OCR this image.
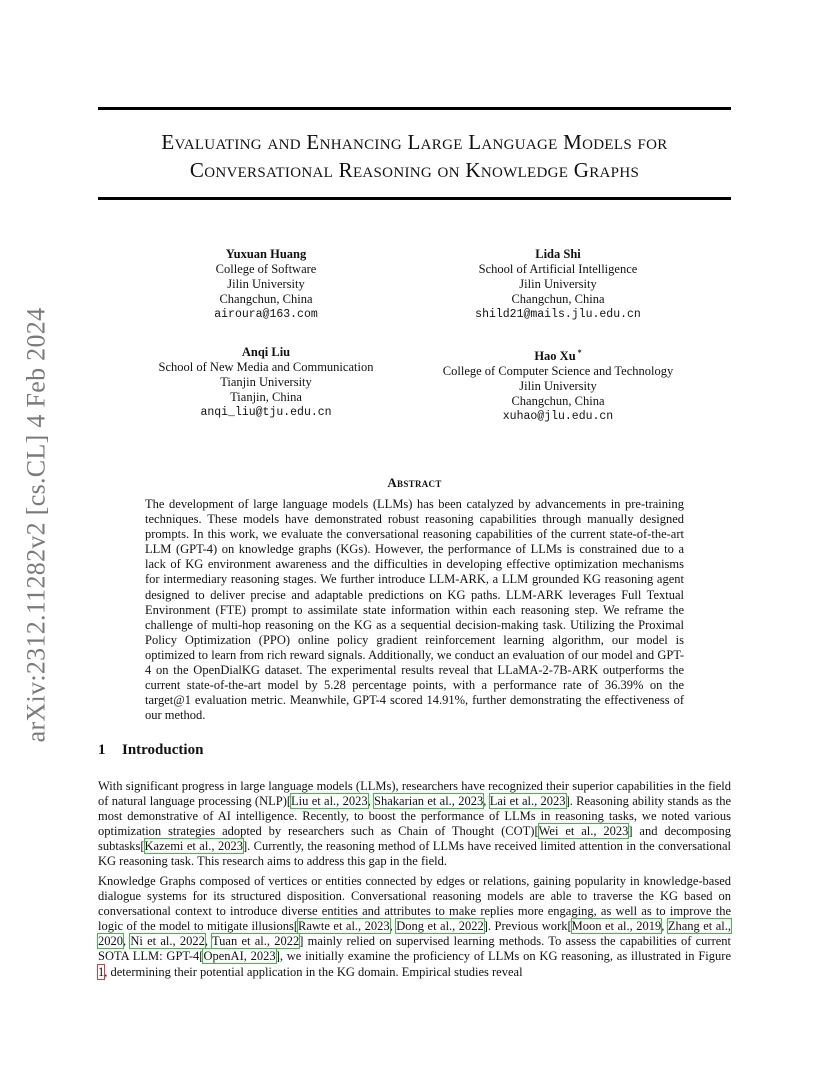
arXiv:2312.11282v2 [cs.CL] 4 Feb 2024
Evaluating and Enhancing Large Language Models for
Conversational Reasoning on Knowledge Graphs
Yuxuan Huang
College of Software
Jilin University
Changchun, China
airoura@163.com
Lida Shi
School of Artificial Intelligence
Jilin University
Changchun, China
shild21@mails.jlu.edu.cn
Anqi Liu
School of New Media and Communication
Tianjin University
Tianjin, China
anqi_liu@tju.edu.cn
Hao Xu *
College of Computer Science and Technology
Jilin University
Changchun, China
xuhao@jlu.edu.cn
Abstract
The development of large language models (LLMs) has been catalyzed by advancements in pre-training techniques. These models have demonstrated robust reasoning capabilities through manually designed prompts. In this work, we evaluate the conversational reasoning capabilities of the current state-of-the-art LLM (GPT-4) on knowledge graphs (KGs). However, the performance of LLMs is constrained due to a lack of KG environment awareness and the difficulties in developing effective optimization mechanisms for intermediary reasoning stages. We further introduce LLM-ARK, a LLM grounded KG reasoning agent designed to deliver precise and adaptable predictions on KG paths. LLM-ARK leverages Full Textual Environment (FTE) prompt to assimilate state information within each reasoning step. We reframe the challenge of multi-hop reasoning on the KG as a sequential decision-making task. Utilizing the Proximal Policy Optimization (PPO) online policy gradient reinforcement learning algorithm, our model is optimized to learn from rich reward signals. Additionally, we conduct an evaluation of our model and GPT-4 on the OpenDialKG dataset. The experimental results reveal that LLaMA-2-7B-ARK outperforms the current state-of-the-art model by 5.28 percentage points, with a performance rate of 36.39% on the target@1 evaluation metric. Meanwhile, GPT-4 scored 14.91%, further demonstrating the effectiveness of our method.
1 Introduction
With significant progress in large language models (LLMs), researchers have recognized their superior capabilities in the field of natural language processing (NLP)[Liu et al., 2023, Shakarian et al., 2023, Lai et al., 2023]. Reasoning ability stands as the most demonstrative of AI intelligence. Recently, to boost the performance of LLMs in reasoning tasks, we noted various optimization strategies adopted by researchers such as Chain of Thought (COT)[Wei et al., 2023] and decomposing subtasks[Kazemi et al., 2023]. Currently, the reasoning method of LLMs have received limited attention in the conversational KG reasoning task. This research aims to address this gap in the field.
Knowledge Graphs composed of vertices or entities connected by edges or relations, gaining popularity in knowledge-based dialogue systems for its structured disposition. Conversational reasoning models are able to traverse the KG based on conversational context to introduce diverse entities and attributes to make replies more engaging, as well as to improve the logic of the model to mitigate illusions[Rawte et al., 2023, Dong et al., 2022]. Previous work[Moon et al., 2019, Zhang et al., 2020, Ni et al., 2022, Tuan et al., 2022] mainly relied on supervised learning methods. To assess the capabilities of current SOTA LLM: GPT-4[OpenAI, 2023], we initially examine the proficiency of LLMs on KG reasoning, as illustrated in Figure 1, determining their potential application in the KG domain. Empirical studies reveal
